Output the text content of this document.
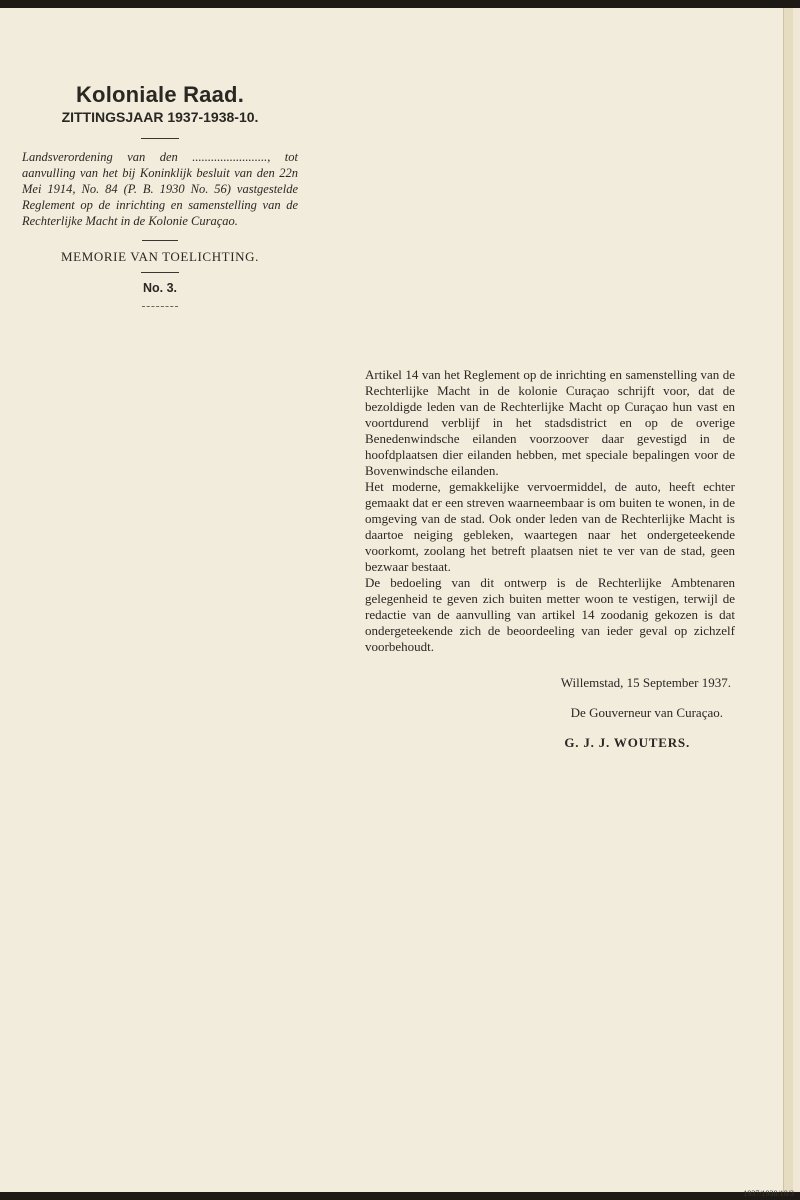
Koloniale Raad.

ZITTINGSJAAR 1937-1938-10.

Landsverordening van den ........................, tot aanvulling van het bij Koninklijk besluit van den 22n Mei 1914, No. 84 (P. B. 1930 No. 56) vastgestelde Reglement op de inrichting en samenstelling van de Rechterlijke Macht in de Kolonie Curaçao.

MEMORIE VAN TOELICHTING.

No. 3.

Artikel 14 van het Reglement op de inrichting en samenstelling van de Rechterlijke Macht in de kolonie Curaçao schrijft voor, dat de bezoldigde leden van de Rechterlijke Macht op Curaçao hun vast en voortdurend verblijf in het stadsdistrict en op de overige Benedenwindsche eilanden voorzoover daar gevestigd in de hoofdplaatsen dier eilanden hebben, met speciale bepalingen voor de Bovenwindsche eilanden.

Het moderne, gemakkelijke vervoermiddel, de auto, heeft echter gemaakt dat er een streven waarneembaar is om buiten te wonen, in de omgeving van de stad. Ook onder leden van de Rechterlijke Macht is daartoe neiging gebleken, waartegen naar het ondergeteekende voorkomt, zoolang het betreft plaatsen niet te ver van de stad, geen bezwaar bestaat.

De bedoeling van dit ontwerp is de Rechterlijke Ambtenaren gelegenheid te geven zich buiten metter woon te vestigen, terwijl de redactie van de aanvulling van artikel 14 zoodanig gekozen is dat ondergeteekende zich de beoordeeling van ieder geval op zichzelf voorbehoudt.

Willemstad, 15 September 1937.

De Gouverneur van Curaçao.

G. J. J. WOUTERS.

1937/1938/10/3
